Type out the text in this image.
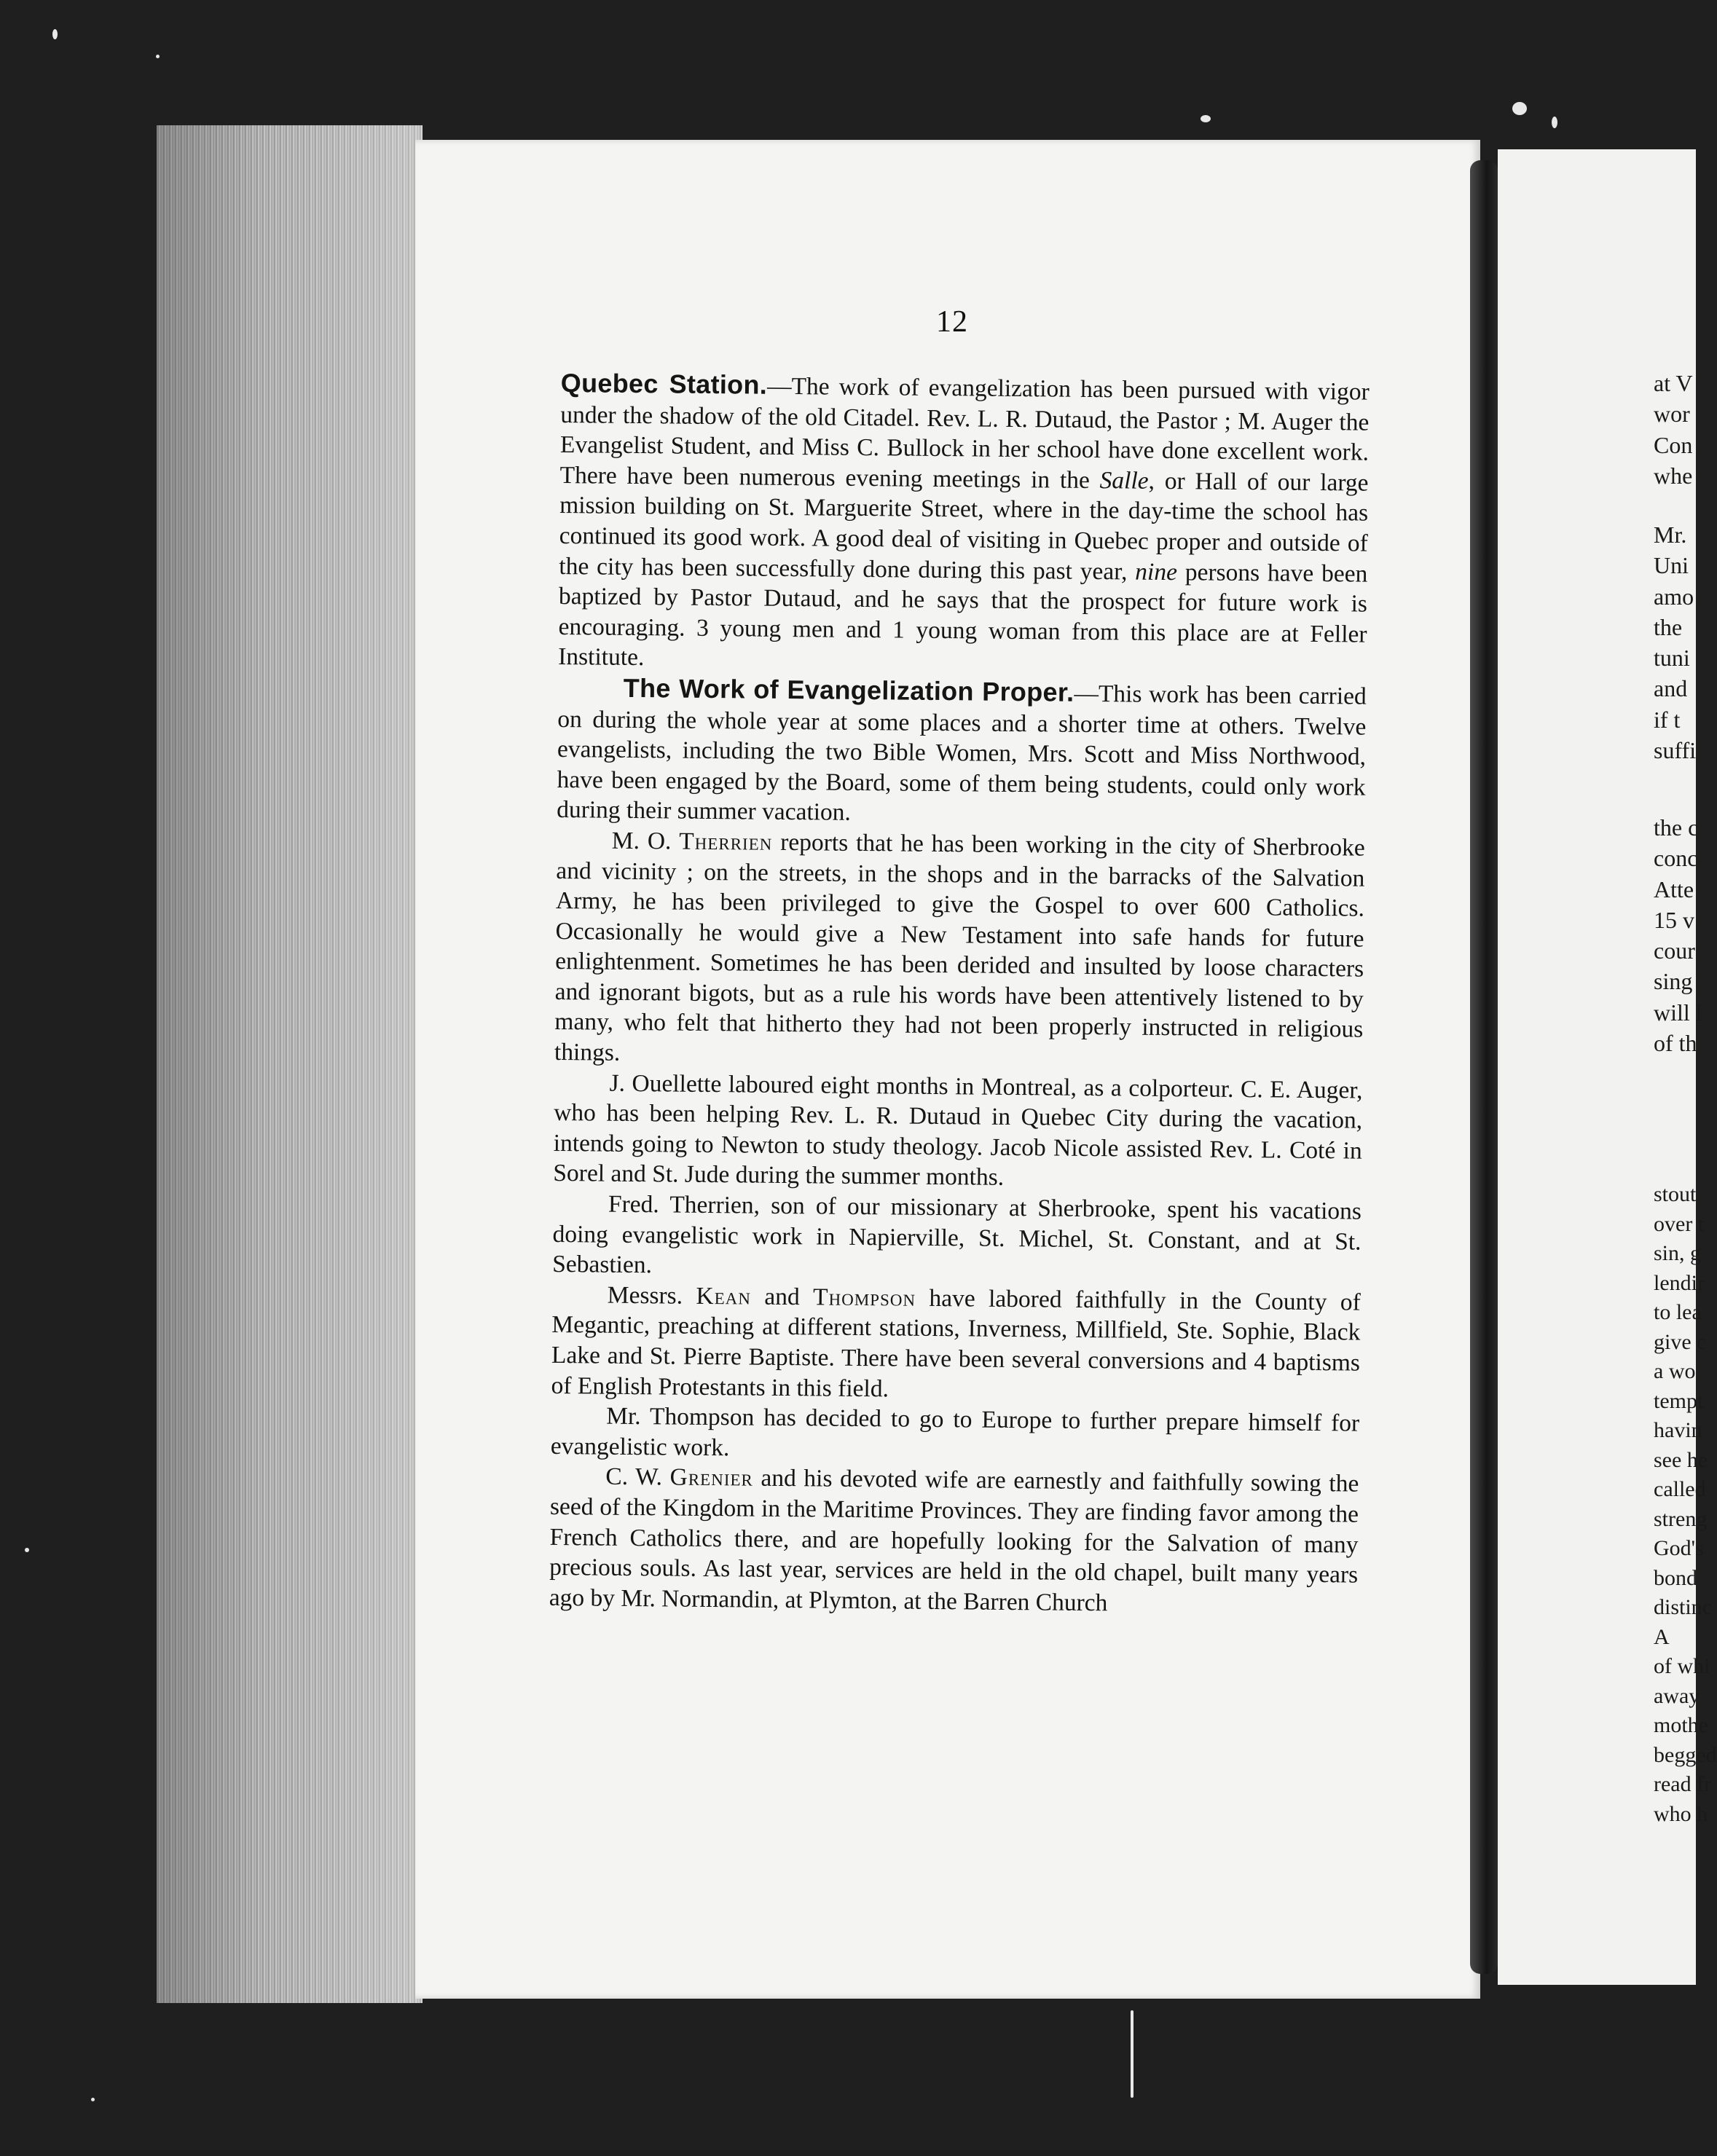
12

Quebec Station.—The work of evangelization has been pursued with vigor under the shadow of the old Citadel. Rev. L. R. Dutaud, the Pastor ; M. Auger the Evangelist Student, and Miss C. Bullock in her school have done excellent work. There have been numerous evening meetings in the Salle, or Hall of our large mission building on St. Marguerite Street, where in the day-time the school has continued its good work. A good deal of visiting in Quebec proper and outside of the city has been successfully done during this past year, nine persons have been baptized by Pastor Dutaud, and he says that the prospect for future work is encouraging. 3 young men and 1 young woman from this place are at Feller Institute.

The Work of Evangelization Proper.—This work has been carried on during the whole year at some places and a shorter time at others. Twelve evangelists, including the two Bible Women, Mrs. Scott and Miss Northwood, have been engaged by the Board, some of them being students, could only work during their summer vacation.

M. O. Therrien reports that he has been working in the city of Sherbrooke and vicinity ; on the streets, in the shops and in the barracks of the Salvation Army, he has been privileged to give the Gospel to over 600 Catholics. Occasionally he would give a New Testament into safe hands for future enlightenment. Sometimes he has been derided and insulted by loose characters and ignorant bigots, but as a rule his words have been attentively listened to by many, who felt that hitherto they had not been properly instructed in religious things.

J. Ouellette laboured eight months in Montreal, as a colporteur. C. E. Auger, who has been helping Rev. L. R. Dutaud in Quebec City during the vacation, intends going to Newton to study theology. Jacob Nicole assisted Rev. L. Coté in Sorel and St. Jude during the summer months.

Fred. Therrien, son of our missionary at Sherbrooke, spent his vacations doing evangelistic work in Napierville, St. Michel, St. Constant, and at St. Sebastien.

Messrs. Kean and Thompson have labored faithfully in the County of Megantic, preaching at different stations, Inverness, Millfield, Ste. Sophie, Black Lake and St. Pierre Baptiste. There have been several conversions and 4 baptisms of English Protestants in this field.

Mr. Thompson has decided to go to Europe to further prepare himself for evangelistic work.

C. W. Grenier and his devoted wife are earnestly and faithfully sowing the seed of the Kingdom in the Maritime Provinces. They are finding favor among the French Catholics there, and are hopefully looking for the Salvation of many precious souls. As last year, services are held in the old chapel, built many years ago by Mr. Normandin, at Plymton, at the Barren Church

at V
wor
Con
whe
Mr.
Uni
amo
the
tuni
and
if t
suffi
the c
conc
Atte
15 v
cour
sing
will l
of th
stout
over t
sin, g
lendir
to lea
give c
a wo
tempt
havin
see he
called
streng
God's
bond
distinc
A
of whi
away
mothe
begged
read fr
who h
